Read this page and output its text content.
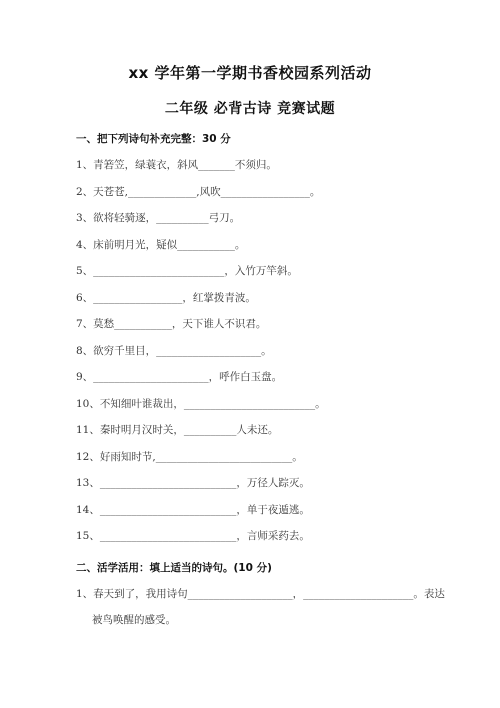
xx 学年第一学期书香校园系列活动
二年级 必背古诗 竞赛试题
一、把下列诗句补充完整：30 分
1、青箬笠，绿蓑衣，斜风_______不须归。
2、天苍苍,_____________,风吹_________________。
3、欲将轻骑逐，__________弓刀。
4、床前明月光，疑似___________。
5、_________________________，入竹万竿斜。
6、_________________，红掌拨青波。
7、莫愁___________，天下谁人不识君。
8、欲穷千里目，____________________。
9、______________________，呼作白玉盘。
10、不知细叶谁裁出，_________________________。
11、秦时明月汉时关，__________人未还。
12、好雨知时节,__________________________。
13、__________________________，万径人踪灭。
14、__________________________，单于夜遁逃。
15、__________________________，言师采药去。
二、活学活用：填上适当的诗句。(10 分)
1、春天到了，我用诗句____________________，_____________________。表达
被鸟唤醒的感受。
